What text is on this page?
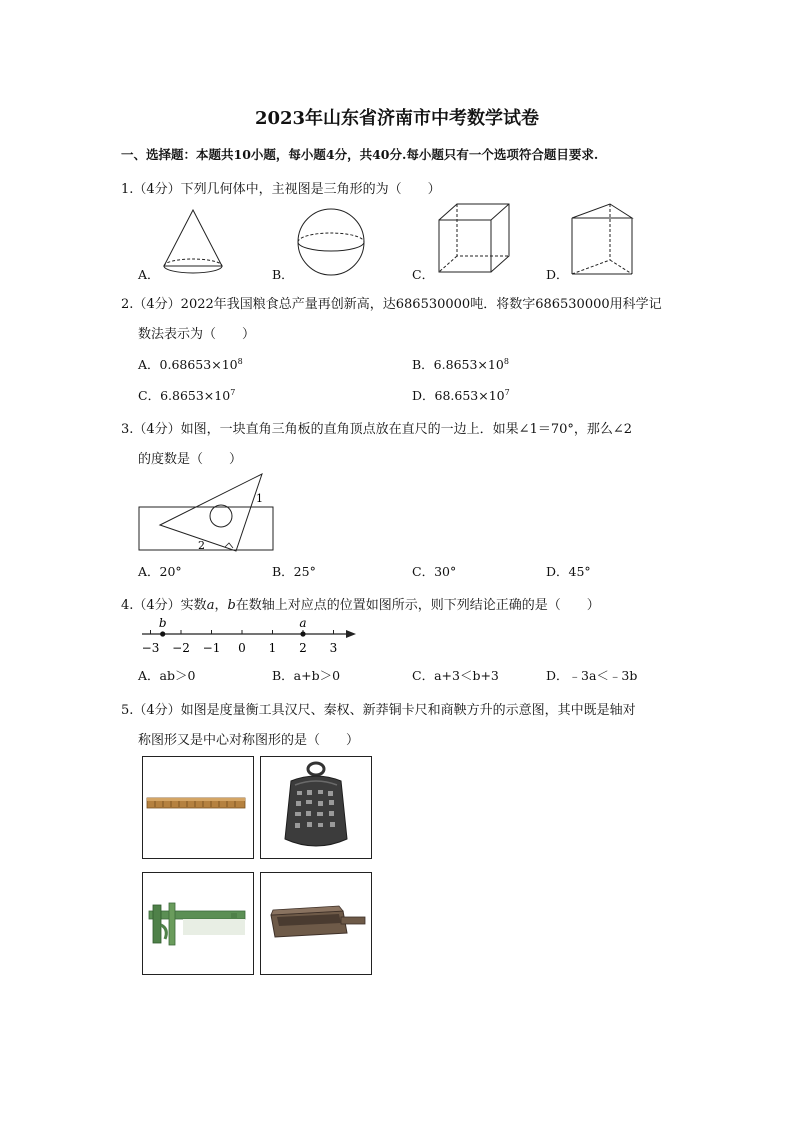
2023年山东省济南市中考数学试卷
一、选择题：本题共10小题，每小题4分，共40分.每小题只有一个选项符合题目要求.
1.（4分）下列几何体中，主视图是三角形的为（　　）
A．	B．	C．	D．
2.（4分）2022年我国粮食总产量再创新高，达686530000吨．将数字686530000用科学记
数法表示为（　　）
A．$0.68653\times 10^8$	B．$6.8653\times 10^8$
C．$6.8653\times 10^7$	D．$68.653\times 10^7$
3.（4分）如图，一块直角三角板的直角顶点放在直尺的一边上．如果∠1＝70°，那么∠2
的度数是（　　）
1
2
A．20°	B．25°	C．30°	D．45°
4.（4分）实数a，b在数轴上对应点的位置如图所示，则下列结论正确的是（　　）
−3 −2 −1 0 1 2 3
b	a
A．ab＞0	B．a+b＞0	C．a+3＜b+3	D．﹣3a＜﹣3b
5.（4分）如图是度量衡工具汉尺、秦权、新莽铜卡尺和商鞅方升的示意图，其中既是轴对
称图形又是中心对称图形的是（　　）
